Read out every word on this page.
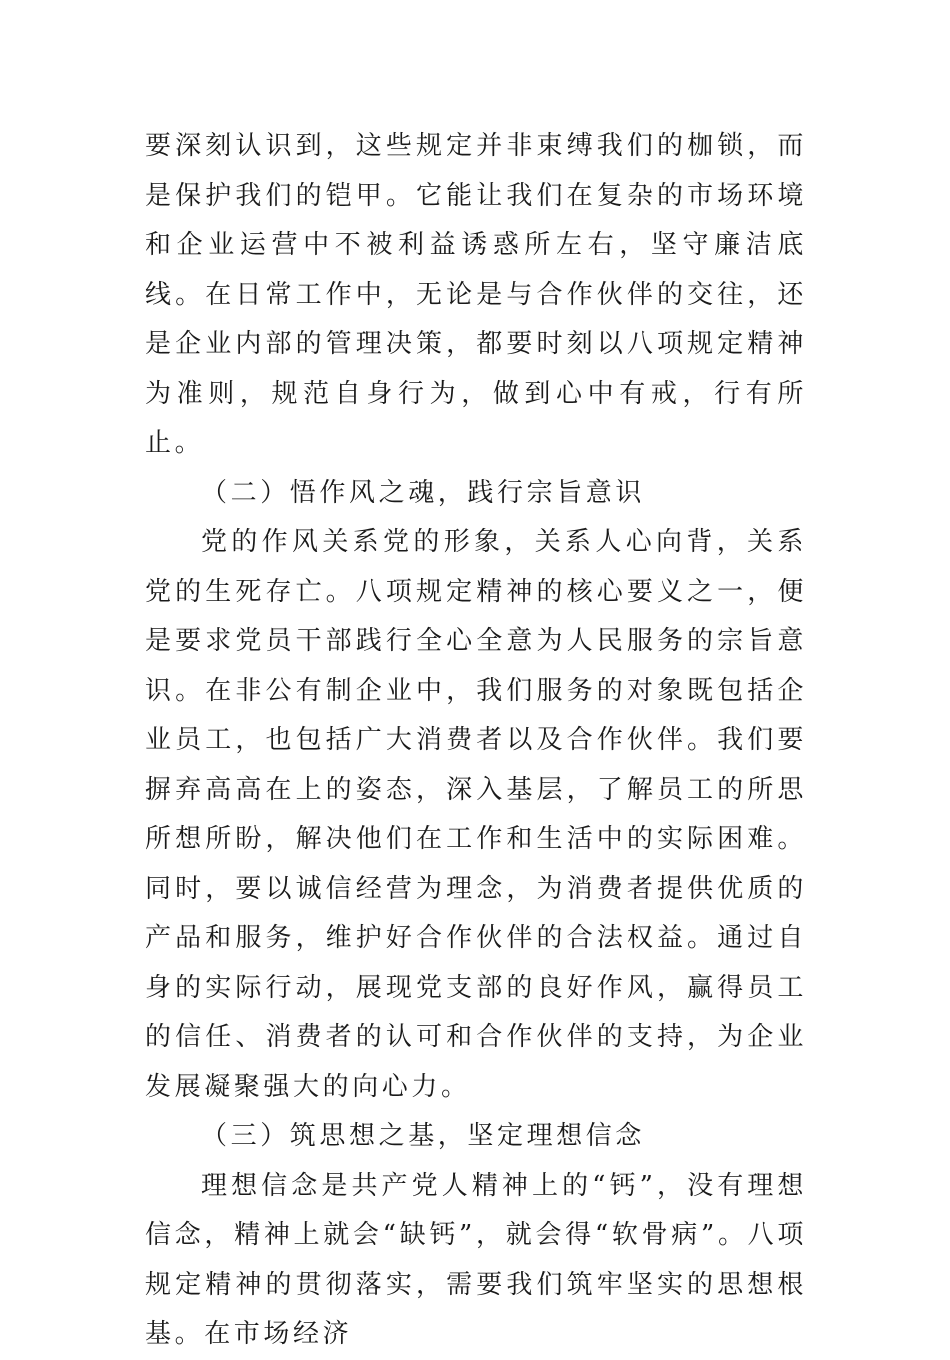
要深刻认识到，这些规定并非束缚我们的枷锁，而是保护我们的铠甲。它能让我们在复杂的市场环境和企业运营中不被利益诱惑所左右，坚守廉洁底线。在日常工作中，无论是与合作伙伴的交往，还是企业内部的管理决策，都要时刻以八项规定精神为准则，规范自身行为，做到心中有戒，行有所止。

（二）悟作风之魂，践行宗旨意识

党的作风关系党的形象，关系人心向背，关系党的生死存亡。八项规定精神的核心要义之一，便是要求党员干部践行全心全意为人民服务的宗旨意识。在非公有制企业中，我们服务的对象既包括企业员工，也包括广大消费者以及合作伙伴。我们要摒弃高高在上的姿态，深入基层，了解员工的所思所想所盼，解决他们在工作和生活中的实际困难。同时，要以诚信经营为理念，为消费者提供优质的产品和服务，维护好合作伙伴的合法权益。通过自身的实际行动，展现党支部的良好作风，赢得员工的信任、消费者的认可和合作伙伴的支持，为企业发展凝聚强大的向心力。

（三）筑思想之基，坚定理想信念

理想信念是共产党人精神上的“钙”，没有理想信念，精神上就会“缺钙”，就会得“软骨病”。八项规定精神的贯彻落实，需要我们筑牢坚实的思想根基。在市场经济
